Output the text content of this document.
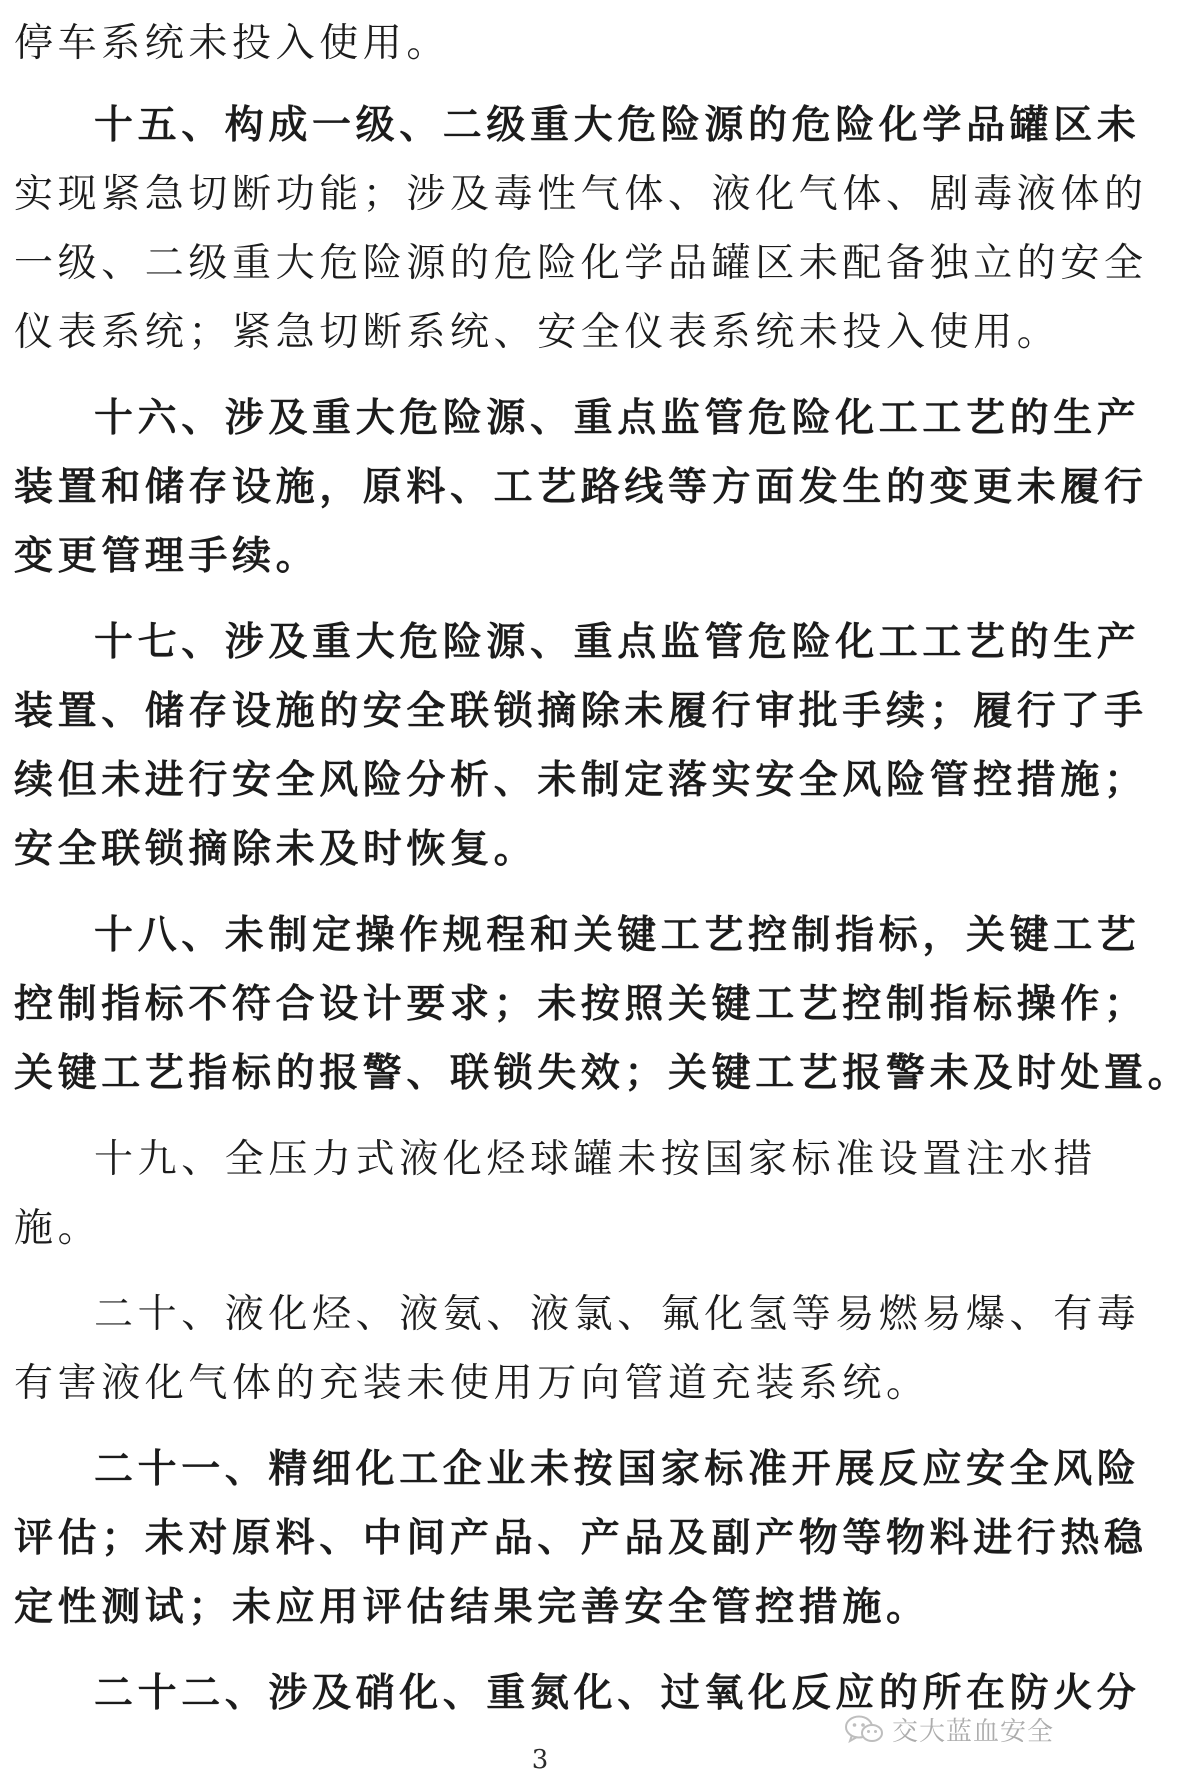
停车系统未投入使用。
十五、构成一级、二级重大危险源的危险化学品罐区未
实现紧急切断功能；涉及毒性气体、液化气体、剧毒液体的
一级、二级重大危险源的危险化学品罐区未配备独立的安全
仪表系统；紧急切断系统、安全仪表系统未投入使用。
十六、涉及重大危险源、重点监管危险化工工艺的生产
装置和储存设施，原料、工艺路线等方面发生的变更未履行
变更管理手续。
十七、涉及重大危险源、重点监管危险化工工艺的生产
装置、储存设施的安全联锁摘除未履行审批手续；履行了手
续但未进行安全风险分析、未制定落实安全风险管控措施；
安全联锁摘除未及时恢复。
十八、未制定操作规程和关键工艺控制指标，关键工艺
控制指标不符合设计要求；未按照关键工艺控制指标操作；
关键工艺指标的报警、联锁失效；关键工艺报警未及时处置。
十九、全压力式液化烃球罐未按国家标准设置注水措
施。
二十、液化烃、液氨、液氯、氟化氢等易燃易爆、有毒
有害液化气体的充装未使用万向管道充装系统。
二十一、精细化工企业未按国家标准开展反应安全风险
评估；未对原料、中间产品、产品及副产物等物料进行热稳
定性测试；未应用评估结果完善安全管控措施。
二十二、涉及硝化、重氮化、过氧化反应的所在防火分
交大蓝血安全
3
